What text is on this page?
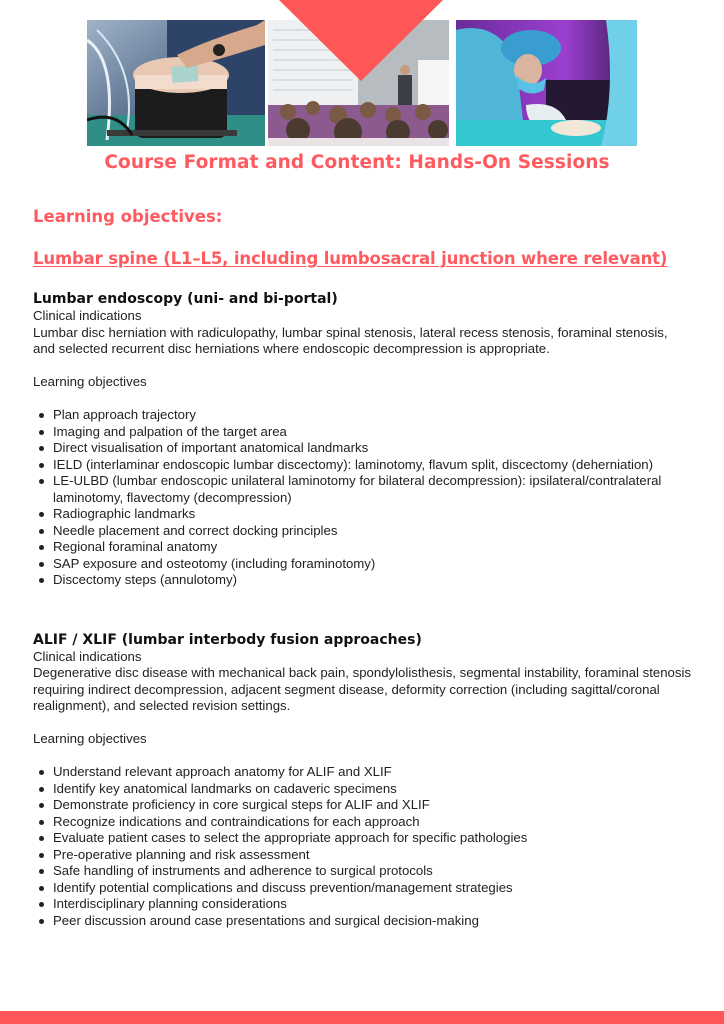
Course Format and Content: Hands-On Sessions
Learning objectives:
Lumbar spine (L1–L5, including lumbosacral junction where relevant)
Lumbar endoscopy (uni- and bi-portal)

Clinical indications

Lumbar disc herniation with radiculopathy, lumbar spinal stenosis, lateral recess stenosis, foraminal stenosis, and selected recurrent disc herniations where endoscopic decompression is appropriate.

Learning objectives

Plan approach trajectory
Imaging and palpation of the target area
Direct visualisation of important anatomical landmarks
IELD (interlaminar endoscopic lumbar discectomy): laminotomy, flavum split, discectomy (deherniation)
LE-ULBD (lumbar endoscopic unilateral laminotomy for bilateral decompression): ipsilateral/contralateral laminotomy, flavectomy (decompression)
Radiographic landmarks
Needle placement and correct docking principles
Regional foraminal anatomy
SAP exposure and osteotomy (including foraminotomy)
Discectomy steps (annulotomy)
ALIF / XLIF (lumbar interbody fusion approaches)

Clinical indications

Degenerative disc disease with mechanical back pain, spondylolisthesis, segmental instability, foraminal stenosis requiring indirect decompression, adjacent segment disease, deformity correction (including sagittal/coronal realignment), and selected revision settings.

Learning objectives

Understand relevant approach anatomy for ALIF and XLIF
Identify key anatomical landmarks on cadaveric specimens
Demonstrate proficiency in core surgical steps for ALIF and XLIF
Recognize indications and contraindications for each approach
Evaluate patient cases to select the appropriate approach for specific pathologies
Pre-operative planning and risk assessment
Safe handling of instruments and adherence to surgical protocols
Identify potential complications and discuss prevention/management strategies
Interdisciplinary planning considerations
Peer discussion around case presentations and surgical decision-making
